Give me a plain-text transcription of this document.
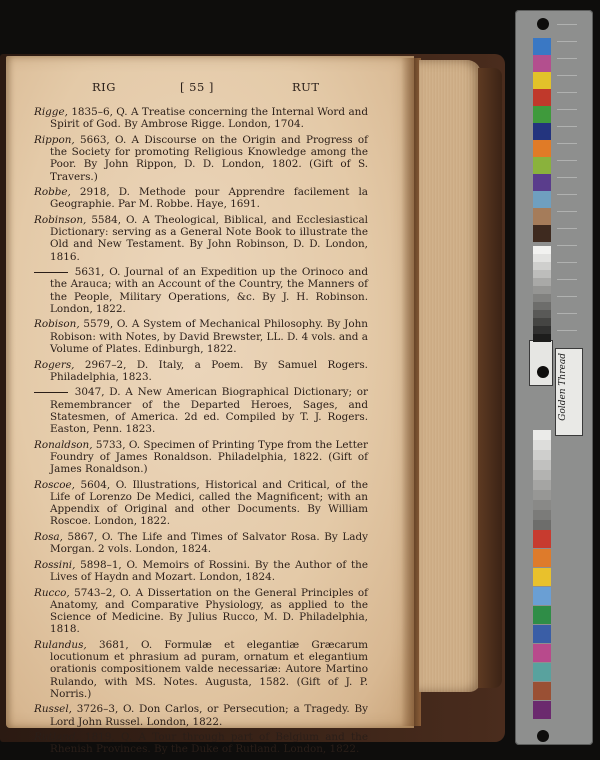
RIG	[ 55 ]	RUT
Rigge, 1835–6, Q. A Treatise concerning the Internal Word and Spirit of God. By Ambrose Rigge. London, 1704.
Rippon, 5663, O. A Discourse on the Origin and Progress of the Society for promoting Religious Knowledge among the Poor. By John Rippon, D. D. London, 1802. (Gift of S. Travers.)
Robbe, 2918, D. Methode pour Apprendre facilement la Geographie. Par M. Robbe. Haye, 1691.
Robinson, 5584, O. A Theological, Biblical, and Ecclesiastical Dictionary: serving as a General Note Book to illustrate the Old and New Testament. By John Robinson, D. D. London, 1816.
5631, O. Journal of an Expedition up the Orinoco and the Arauca; with an Account of the Country, the Manners of the People, Military Operations, &c. By J. H. Robinson. London, 1822.
Robison, 5579, O. A System of Mechanical Philosophy. By John Robison: with Notes, by David Brewster, LL. D. 4 vols. and a Volume of Plates. Edinburgh, 1822.
Rogers, 2967–2, D. Italy, a Poem. By Samuel Rogers. Philadelphia, 1823.
3047, D. A New American Biographical Dictionary; or Remembrancer of the Departed Heroes, Sages, and Statesmen, of America. 2d ed. Compiled by T. J. Rogers. Easton, Penn. 1823.
Ronaldson, 5733, O. Specimen of Printing Type from the Letter Foundry of James Ronaldson. Philadelphia, 1822. (Gift of James Ronaldson.)
Roscoe, 5604, O. Illustrations, Historical and Critical, of the Life of Lorenzo De Medici, called the Magnificent; with an Appendix of Original and other Documents. By William Roscoe. London, 1822.
Rosa, 5867, O. The Life and Times of Salvator Rosa. By Lady Morgan. 2 vols. London, 1824.
Rossini, 5898–1, O. Memoirs of Rossini. By the Author of the Lives of Haydn and Mozart. London, 1824.
Rucco, 5743–2, O. A Dissertation on the General Principles of Anatomy, and Comparative Physiology, as applied to the Science of Medicine. By Julius Rucco, M. D. Philadelphia, 1818.
Rulandus, 3681, O. Formulæ et elegantiæ Græcarum locutionum et phrasium ad puram, ornatum et elegantium orationis compositionem valde necessariæ: Autore Martino Rulando, with MS. Notes. Augusta, 1582. (Gift of J. P. Norris.)
Russel, 3726–3, O. Don Carlos, or Persecution; a Tragedy. By Lord John Russel. London, 1822.
Rutland, 1819, Q. A Tour through part of Belgium and the Rhenish Provinces. By the Duke of Rutland. London, 1822.
Golden Thread
